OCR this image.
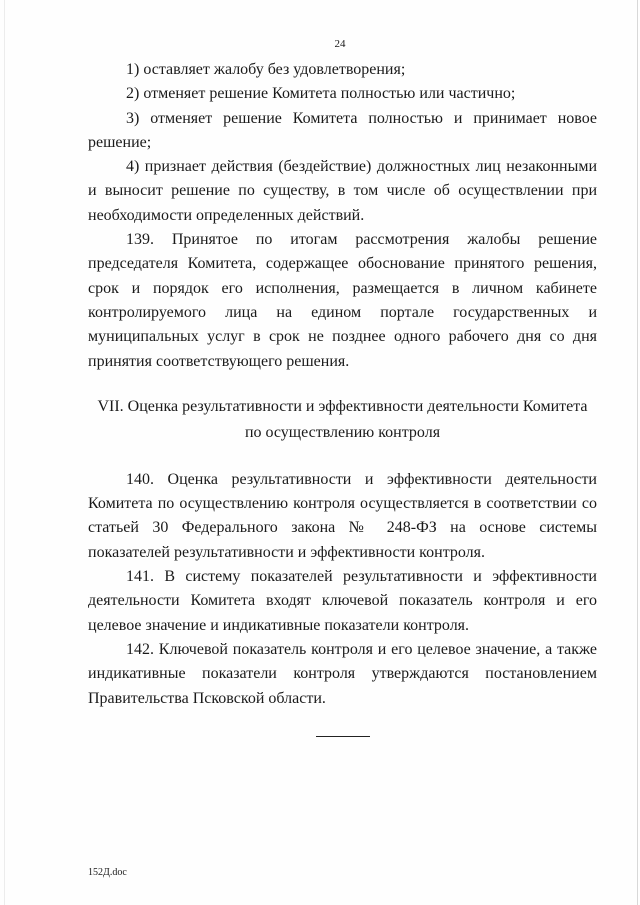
24

1) оставляет жалобу без удовлетворения;

2) отменяет решение Комитета полностью или частично;

3) отменяет решение Комитета полностью и принимает новое решение;

4) признает действия (бездействие) должностных лиц незаконными и выносит решение по существу, в том числе об осуществлении при необходимости определенных действий.

139. Принятое по итогам рассмотрения жалобы решение председателя Комитета, содержащее обоснование принятого решения, срок и порядок его исполнения, размещается в личном кабинете контролируемого лица на едином портале государственных и муниципальных услуг в срок не позднее одного рабочего дня со дня принятия соответствующего решения.

VII. Оценка результативности и эффективности деятельности Комитета
по осуществлению контроля

140. Оценка результативности и эффективности деятельности Комитета по осуществлению контроля осуществляется в соответствии со статьей 30 Федерального закона № 248-ФЗ на основе системы показателей результативности и эффективности контроля.

141. В систему показателей результативности и эффективности деятельности Комитета входят ключевой показатель контроля и его целевое значение и индикативные показатели контроля.

142. Ключевой показатель контроля и его целевое значение, а также индикативные показатели контроля утверждаются постановлением Правительства Псковской области.

152Д.doc
